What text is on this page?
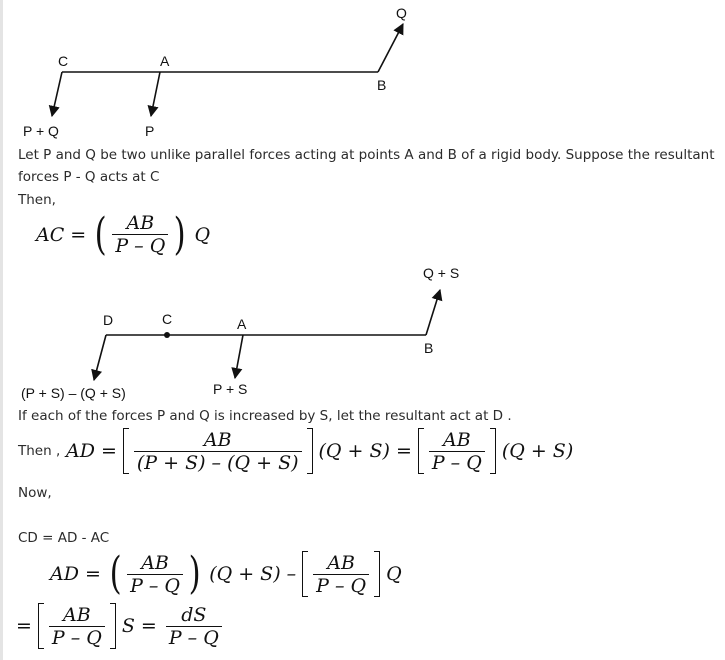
C	A
B
Q
P + Q	P
Let P and Q be two unlike parallel forces acting at points A and B of a rigid body. Suppose the resultant
forces P - Q acts at C
Then,
AC = ( $\frac{AB}{P - Q}$ ) Q
D	C	A
B
Q + S
(P + S) – (Q + S)	P + S
If each of the forces P and Q is increased by S, let the resultant act at D .
Then , AD = $\frac{AB}{(P + S) - (Q + S)} (Q + S) = \frac{AB}{P - Q} (Q + S)$
Now,
CD = AD - AC
AD = ( $\frac{AB}{P - Q}$ ) $(Q + S) - \frac{AB}{P - Q}$ Q
= $\frac{AB}{P - Q}$ $S = \frac{dS}{P - Q}$
